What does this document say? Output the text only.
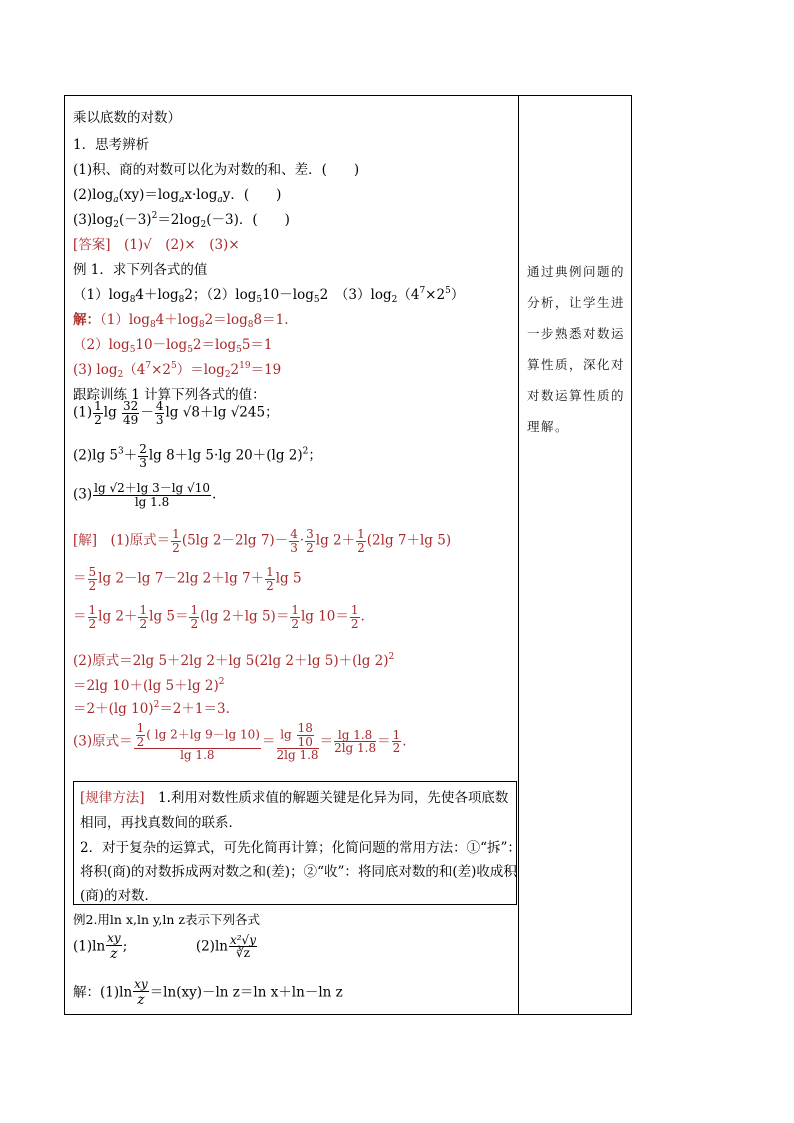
乘以底数的对数）
1．思考辨析
(1)积、商的对数可以化为对数的和、差．(　　)
$(2)\log_a(xy)=\log_ax\cdot\log_ay$．(　　)
$(3)\log_2(-3)^2=2\log_2(-3)$．(　　)
[答案]　 (1)√　(2)×　(3)×
例 1．求下列各式的值
$(1)\log_84+\log_82$；$(2)\log_510-\log_52$　$(3)\log_2(4^7\times 2^5)$
解：$(1)\log_84+\log_82=\log_88=1$.
$(2)\log_510-\log_52=\log_55=1$
(3) $\log_2(4^7\times 2^5)=\log_22^{19}=19$
跟踪训练 1 计算下列各式的值：
$(1) \frac{1}{2}$ $\lg \frac{32}{49} - \frac{4}{3}$ lg √8＋lg √245；
(2)lg $5^3+ \frac{2}{3}$ lg 8＋lg 5·lg 20＋(lg 2)$^2$；
$(3) \frac{\lg √2+\lg 3-\lg √10}{\lg 1.8}$ .
[解]　 (1)原式＝ $\frac{1}{2} (5\lg$ 2－2lg $7)- \frac{4}{3} \cdot \frac{3}{2}$ $\lg 2+ \frac{1}{2} (2\lg$ 7＋lg 5)
＝ $\frac{5}{2}$ lg 2－lg 7－2lg 2＋lg $7+ \frac{1}{2}$ lg 5
＝ $\frac{1}{2}$ $\lg 2+ \frac{1}{2}$ $\lg 5= \frac{1}{2} (\lg$ 2＋lg $5)= \frac{1}{2}$ $\lg 10= \frac{1}{2}$ .
(2)原式＝2lg 5＋2lg 2＋lg 5(2lg 2＋lg 5)＋(lg 2)$^2$
＝2lg 10＋(lg 5＋lg 2)$^2$
＝2＋(lg 10)$^2$＝2＋1＝3.
(3)原式＝ $\frac{\frac{1}{2} ( \lg 2+\lg 9-\lg 10)}{\lg 1.8} = \frac{\lg \frac{18}{10}}{2\lg 1.8} = \frac{\lg 1.8}{2\lg 1.8} = \frac{1}{2}$ .
[规律方法]　1.利用对数性质求值的解题关键是化异为同，先使各项底数
相同，再找真数间的联系．
2．对于复杂的运算式，可先化简再计算；化简问题的常用方法：①“拆”：
将积(商)的对数拆成两对数之和(差)；②“收”：将同底对数的和(差)收成积
(商)的对数．
例2.用ln x,ln y,ln z表示下列各式
$(1)\ln \frac{xy}{z}$;	$(2)\ln \frac{\text{x²√y}}{∛z}$
解：$(1)\ln \frac{xy}{z}=\ln(xy)-\ln$ z＝ln x＋ln－ln z
通过典例问题的分析，让学生进一步熟悉对数运算性质，深化对对数运算性质的理解。
